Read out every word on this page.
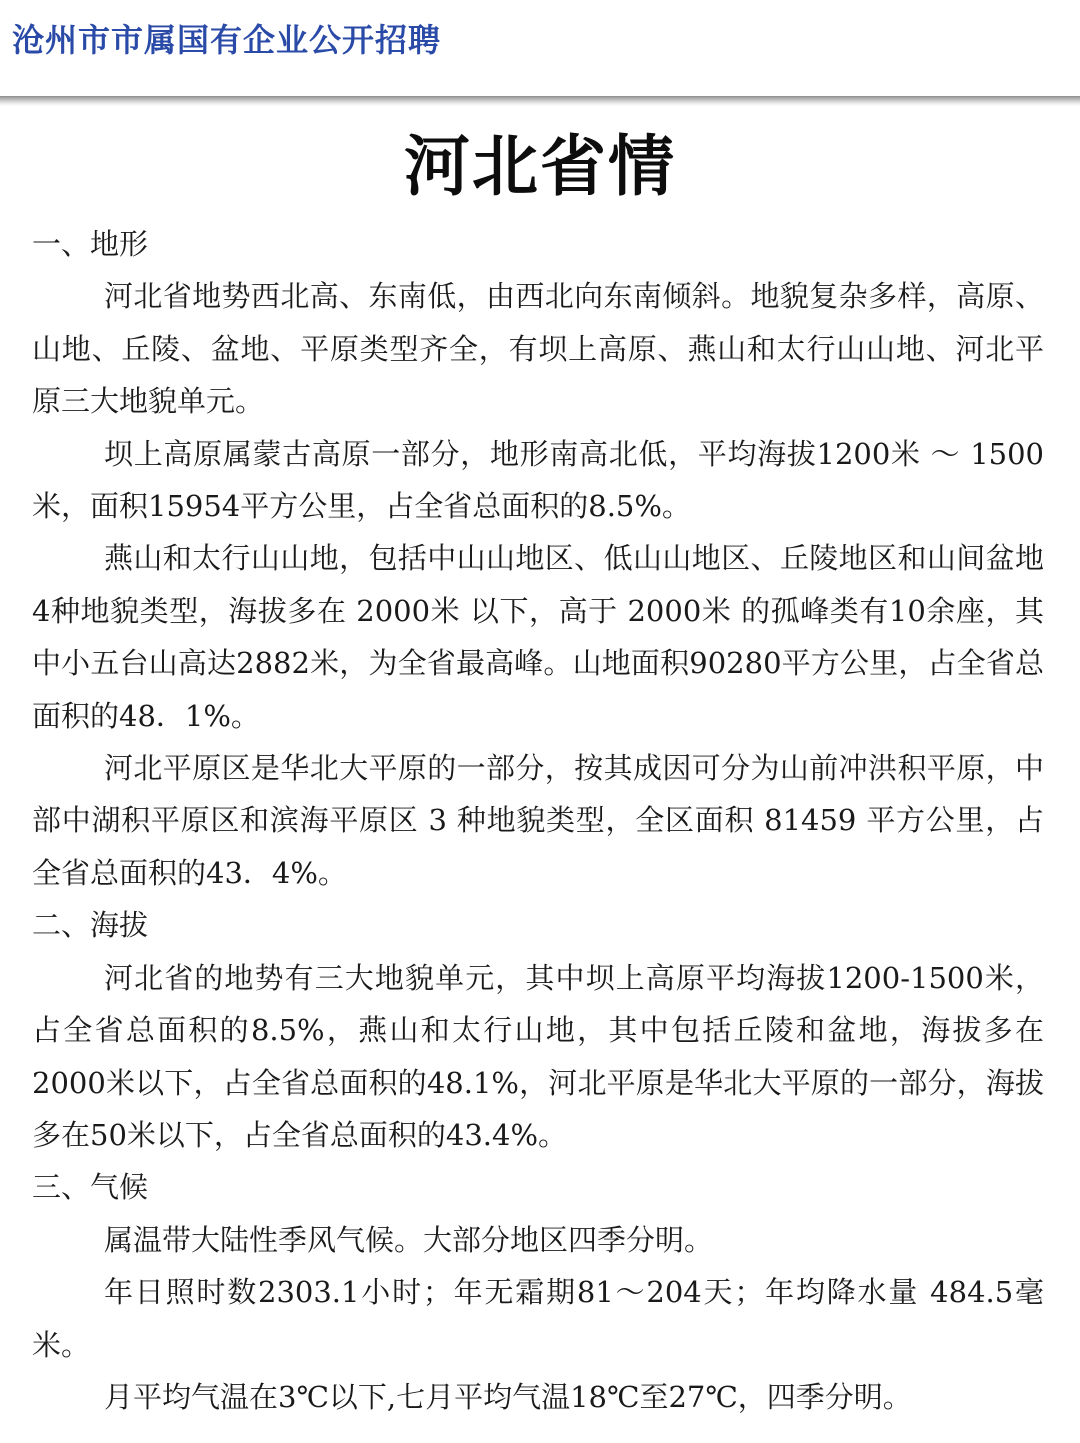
沧州市市属国有企业公开招聘
河北省情

一、地形

河北省地势西北高、东南低，由西北向东南倾斜。地貌复杂多样，高原、山地、丘陵、盆地、平原类型齐全，有坝上高原、燕山和太行山山地、河北平原三大地貌单元。

坝上高原属蒙古高原一部分，地形南高北低，平均海拔1200米 ～ 1500米，面积15954平方公里，占全省总面积的8.5%。

燕山和太行山山地，包括中山山地区、低山山地区、丘陵地区和山间盆地4种地貌类型，海拔多在 2000米 以下，高于 2000米 的孤峰类有10余座，其中小五台山高达2882米，为全省最高峰。山地面积90280平方公里，占全省总面积的48．1%。

河北平原区是华北大平原的一部分，按其成因可分为山前冲洪积平原，中部中湖积平原区和滨海平原区 3 种地貌类型，全区面积 81459 平方公里，占全省总面积的43．4%。

二、海拔

河北省的地势有三大地貌单元，其中坝上高原平均海拔1200-1500米，占全省总面积的8.5%，燕山和太行山地，其中包括丘陵和盆地，海拔多在2000米以下，占全省总面积的48.1%，河北平原是华北大平原的一部分，海拔多在50米以下，占全省总面积的43.4%。

三、气候

属温带大陆性季风气候。大部分地区四季分明。

年日照时数2303.1小时；年无霜期81～204天；年均降水量 484.5毫米。

月平均气温在3℃以下,七月平均气温18℃至27℃，四季分明。
